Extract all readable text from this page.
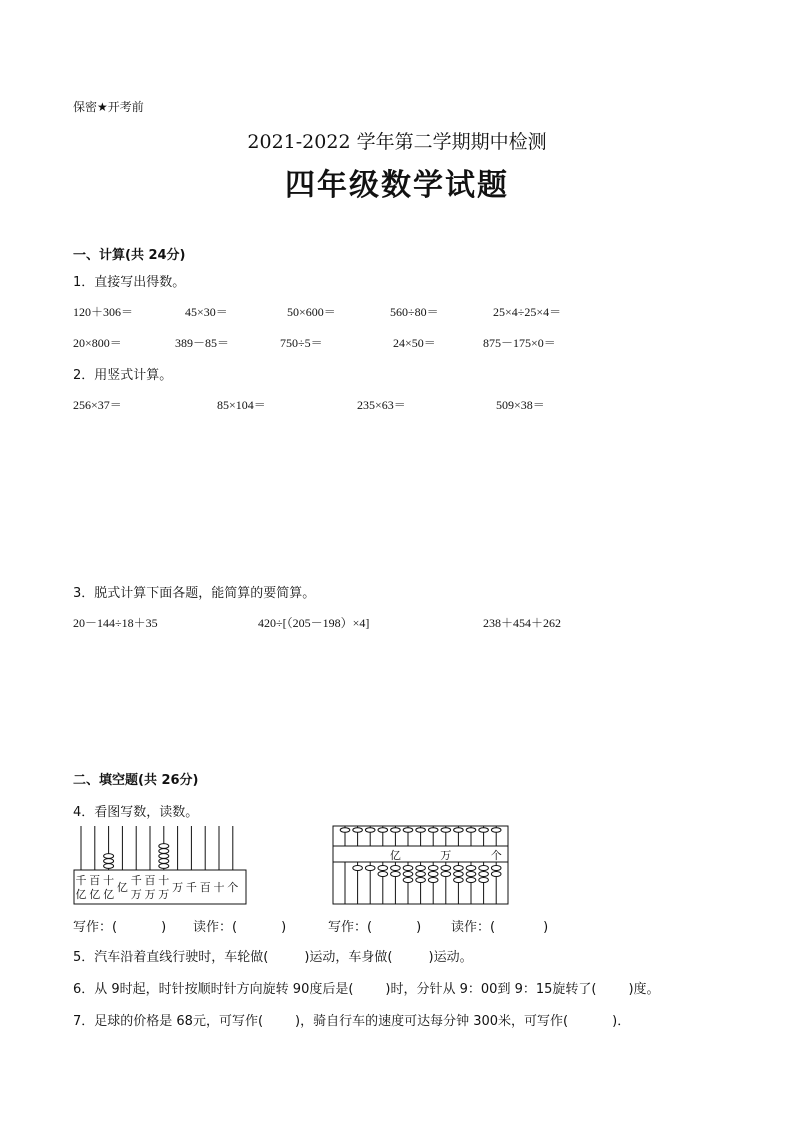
保密★开考前
2021-2022 学年第二学期期中检测
四年级数学试题
一、计算(共 24分)
1．直接写出得数。
120＋306＝	45×30＝	50×600＝	560÷80＝	25×4÷25×4＝
20×800＝	389－85＝	750÷5＝	24×50＝	875－175×0＝
2．用竖式计算。
256×37＝	85×104＝	235×63＝	509×38＝
3．脱式计算下面各题，能简算的要简算。
20－144÷18＋35	420÷[（205－198）×4]	238＋454＋262
二、填空题(共 26分)
4．看图写数，读数。
千
亿
百
亿
十
亿
亿
千
万
百
万
十
万
万 千 百 十 个
亿	万	个
写作：(	) 读作：(	)	写作：(	) 读作：(	)
5．汽车沿着直线行驶时，车轮做(	)运动，车身做(	)运动。
6．从 9时起，时针按顺时针方向旋转 90度后是( )时，分针从 9：00到 9：15旋转了( )度。
7．足球的价格是 68元，可写作( )，骑自行车的速度可达每分钟 300米，可写作(	)．
